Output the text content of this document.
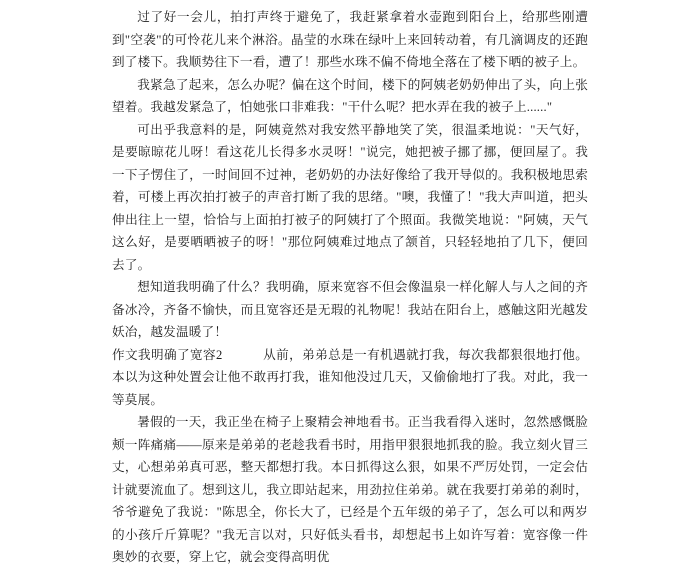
过了好一会儿，拍打声终于避免了，我赶紧拿着水壶跑到阳台上，给那些刚遭到"空袭"的可怜花儿来个淋浴。晶莹的水珠在绿叶上来回转动着，有几滴调皮的还跑到了楼下。我顺势往下一看，遭了！那些水珠不偏不倚地全落在了楼下晒的被子上。

我紧急了起来，怎么办呢？偏在这个时间，楼下的阿姨老奶奶伸出了头，向上张望着。我越发紧急了，怕她张口非难我："干什么呢？把水弄在我的被子上......"

可出乎我意料的是，阿姨竟然对我安然平静地笑了笑，很温柔地说："天气好，是要晾晾花儿呀！看这花儿长得多水灵呀！"说完，她把被子挪了挪，便回屋了。我一下子愣住了，一时间回不过神，老奶奶的办法好像给了我开导似的。我积极地思索着，可楼上再次拍打被子的声音打断了我的思绪。"噢，我懂了！"我大声叫道，把头伸出往上一望，恰恰与上面拍打被子的阿姨打了个照面。我微笑地说："阿姨，天气这么好，是要晒晒被子的呀！"那位阿姨难过地点了颔首，只轻轻地拍了几下，便回去了。

想知道我明确了什么？我明确，原来宽容不但会像温泉一样化解人与人之间的齐备冰冷，齐备不愉快，而且宽容还是无瑕的礼物呢！我站在阳台上，感触这阳光越发妖冶，越发温暖了！

作文我明确了宽容2	从前，弟弟总是一有机遇就打我，每次我都狠很地打他。本以为这种处置会让他不敢再打我，谁知他没过几天，又偷偷地打了我。对此，我一等莫展。

暑假的一天，我正坐在椅子上聚精会神地看书。正当我看得入迷时，忽然感慨脸颊一阵痛痛——原来是弟弟的老趁我看书时，用指甲狠狠地抓我的脸。我立刻火冒三丈，心想弟弟真可恶，整天都想打我。本日抓得这么狠，如果不严厉处罚，一定会估计就要流血了。想到这儿，我立即站起来，用劲拉住弟弟。就在我要打弟弟的刹时，爷爷避免了我说："陈思全，你长大了，已经是个五年级的弟子了，怎么可以和两岁的小孩斤斤算呢？"我无言以对，只好低头看书，却想起书上如许写着：宽容像一件奥妙的衣要，穿上它，就会变得高明优
